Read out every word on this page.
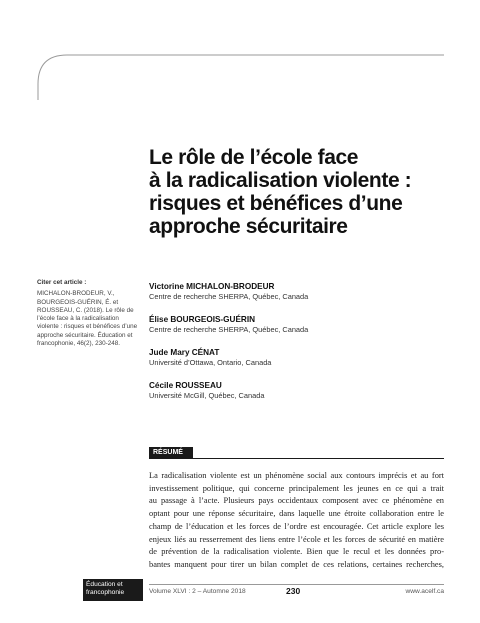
Le rôle de l’école face
à la radicalisation violente :
risques et bénéfices d’une
approche sécuritaire
Citer cet article :
MICHALON-BRODEUR, V., BOURGEOIS-GUÉRIN, É. et ROUSSEAU, C. (2018). Le rôle de l’école face à la radicalisation violente : risques et bénéfices d’une approche sécuritaire. Éducation et francophonie, 46(2), 230-248.
Victorine MICHALON-BRODEUR
Centre de recherche SHERPA, Québec, Canada
Élise BOURGEOIS-GUÉRIN
Centre de recherche SHERPA, Québec, Canada
Jude Mary CÉNAT
Université d’Ottawa, Ontario, Canada
Cécile ROUSSEAU
Université McGill, Québec, Canada
RÉSUMÉ
La radicalisation violente est un phénomène social aux contours imprécis et au fort
investissement politique, qui concerne principalement les jeunes en ce qui a trait
au passage à l’acte. Plusieurs pays occidentaux composent avec ce phénomène en
optant pour une réponse sécuritaire, dans laquelle une étroite collaboration entre le
champ de l’éducation et les forces de l’ordre est encouragée. Cet article explore les
enjeux liés au resserrement des liens entre l’école et les forces de sécurité en matière
de prévention de la radicalisation violente. Bien que le recul et les données pro-
bantes manquent pour tirer un bilan complet de ces relations, certaines recherches,
Éducation et
francophonie	Volume XLVI : 2 – Automne 2018	230	www.acelf.ca
